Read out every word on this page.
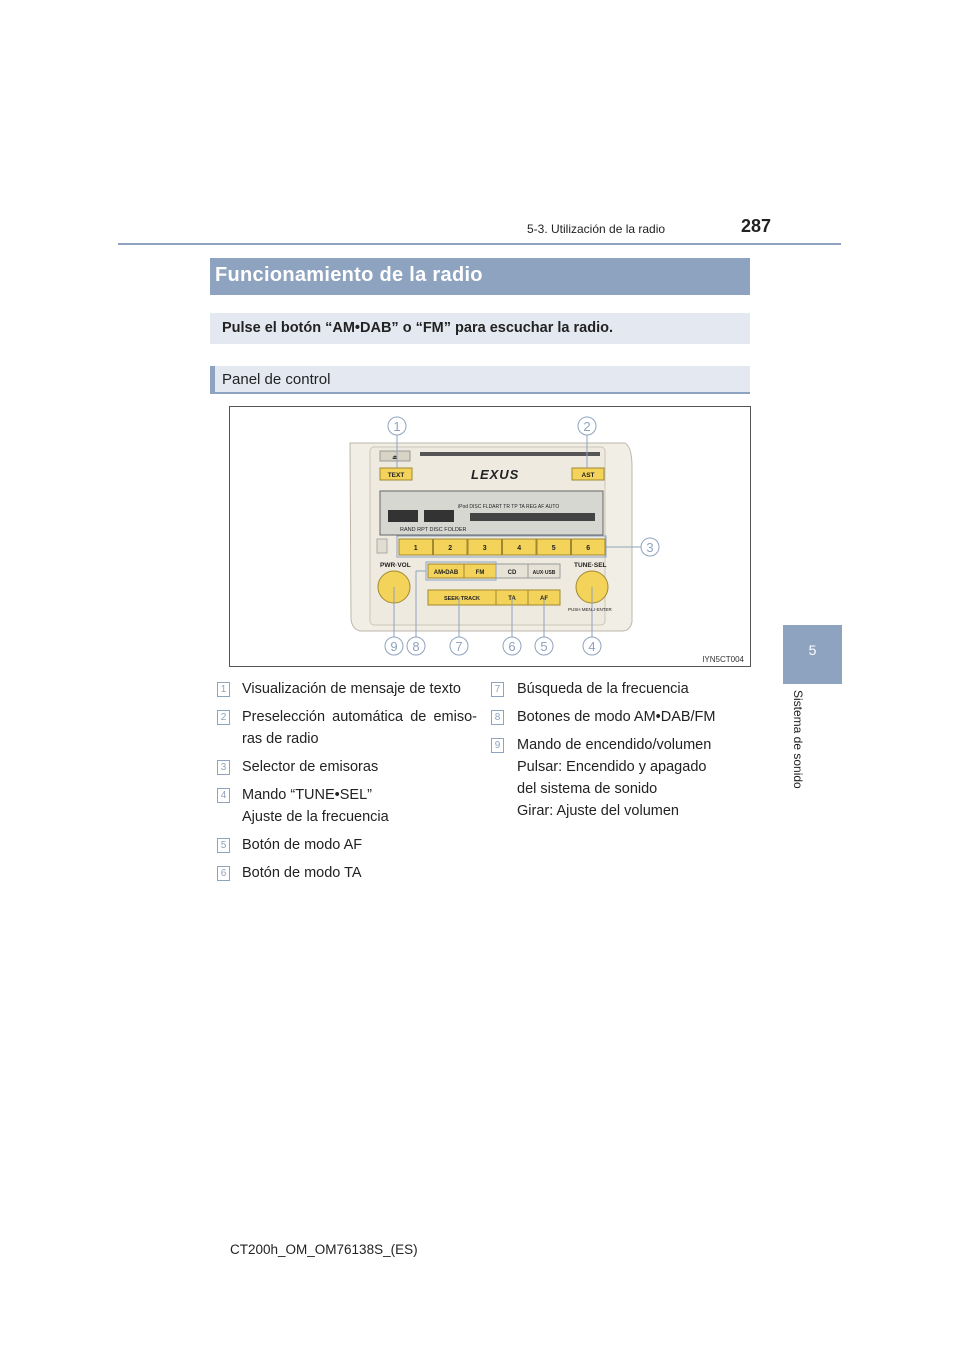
5-3. Utilización de la radio	287
5
Sistema de sonido
Funcionamiento de la radio
Pulse el botón “AM•DAB” o “FM” para escuchar la radio.
Panel de control
⏏
TEXT	AST
LEXUS
iPod DISC FLDART TR TP TA REG AF AUTO
RAND RPT DISC FOLDER
1	2	3	4	5	6
PWR·VOL	TUNE·SEL
AM•DAB	FM	CD	AUX·USB
SEEK·TRACK	TA	AF
PUSH MENU·ENTER
1	2
3
4
5
6
7
8
9
IYN5CT004
1 Visualización de mensaje de texto
2 Preselección automática de emiso-
ras de radio
3 Selector de emisoras
4 Mando “TUNE•SEL”
Ajuste de la frecuencia
5 Botón de modo AF
6 Botón de modo TA
7 Búsqueda de la frecuencia
8 Botones de modo AM•DAB/FM
9 Mando de encendido/volumen
Pulsar: Encendido y apagado
del sistema de sonido
Girar: Ajuste del volumen
CT200h_OM_OM76138S_(ES)
